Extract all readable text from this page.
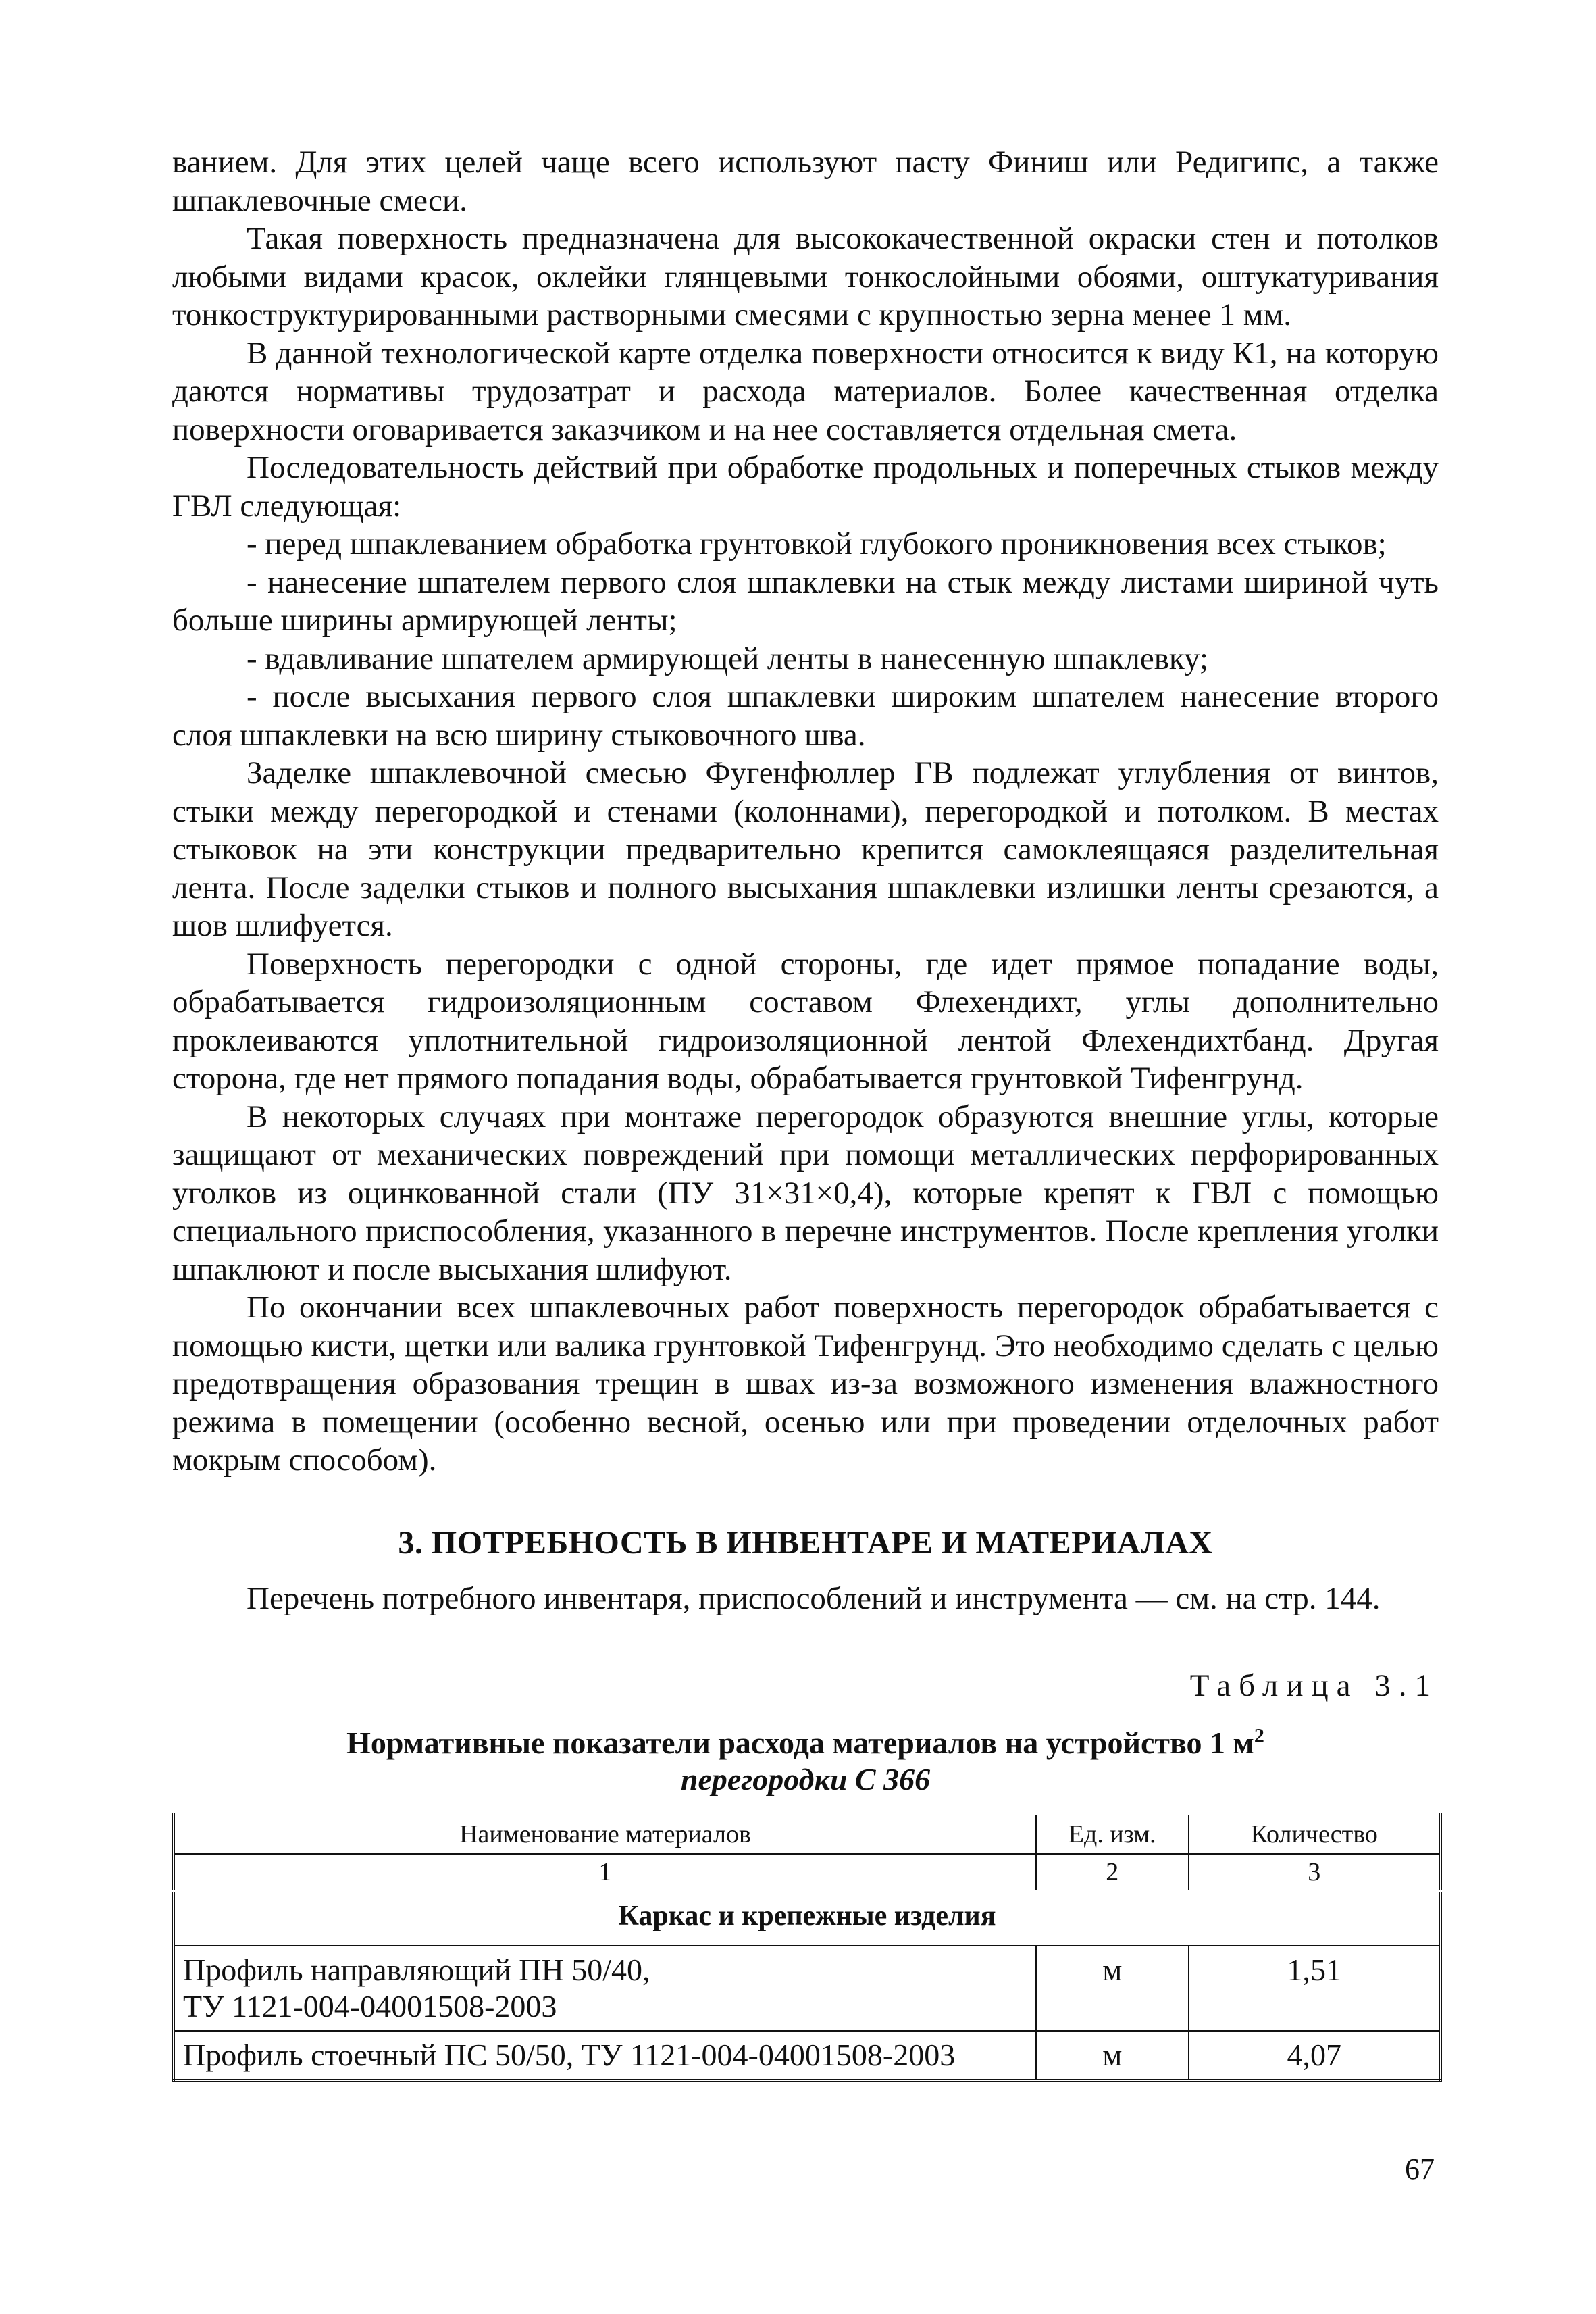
ванием. Для этих целей чаще всего используют пасту Финиш или Редигипс, а также шпаклевочные смеси.

Такая поверхность предназначена для высококачественной окраски стен и потолков любыми видами красок, оклейки глянцевыми тонкослойными обоями, оштукатуривания тонкоструктурированными растворными смесями с крупностью зерна менее 1 мм.

В данной технологической карте отделка поверхности относится к виду К1, на которую даются нормативы трудозатрат и расхода материалов. Более качественная отделка поверхности оговаривается заказчиком и на нее составляется отдельная смета.

Последовательность действий при обработке продольных и поперечных стыков между ГВЛ следующая:

- перед шпаклеванием обработка грунтовкой глубокого проникновения всех стыков;

- нанесение шпателем первого слоя шпаклевки на стык между листами шириной чуть больше ширины армирующей ленты;

- вдавливание шпателем армирующей ленты в нанесенную шпаклевку;

- после высыхания первого слоя шпаклевки широким шпателем нанесение второго слоя шпаклевки на всю ширину стыковочного шва.

Заделке шпаклевочной смесью Фугенфюллер ГВ подлежат углубления от винтов, стыки между перегородкой и стенами (колоннами), перегородкой и потолком. В местах стыковок на эти конструкции предварительно крепится самоклеящаяся разделительная лента. После заделки стыков и полного высыхания шпаклевки излишки ленты срезаются, а шов шлифуется.

Поверхность перегородки с одной стороны, где идет прямое попадание воды, обрабатывается гидроизоляционным составом Флехендихт, углы дополнительно проклеиваются уплотнительной гидроизоляционной лентой Флехендихтбанд. Другая сторона, где нет прямого попадания воды, обрабатывается грунтовкой Тифенгрунд.

В некоторых случаях при монтаже перегородок образуются внешние углы, которые защищают от механических повреждений при помощи металлических перфорированных уголков из оцинкованной стали (ПУ 31×31×0,4), которые крепят к ГВЛ с помощью специального приспособления, указанного в перечне инструментов. После крепления уголки шпаклюют и после высыхания шлифуют.

По окончании всех шпаклевочных работ поверхность перегородок обрабатывается с помощью кисти, щетки или валика грунтовкой Тифенгрунд. Это необходимо сделать с целью предотвращения образования трещин в швах из-за возможного изменения влажностного режима в помещении (особенно весной, осенью или при проведении отделочных работ мокрым способом).

3. ПОТРЕБНОСТЬ В ИНВЕНТАРЕ И МАТЕРИАЛАХ

Перечень потребного инвентаря, приспособлений и инструмента — см. на стр. 144.

Таблица 3.1
Нормативные показатели расхода материалов на устройство 1 $м^2$
перегородки С 366
Наименование материалов	Ед. изм.	Количество
1	2	3
Каркас и крепежные изделия		

Профиль направляющий ПН 50/40,
ТУ 1121-004-04001508-2003	м	1,51

Профиль стоечный ПС 50/50, ТУ 1121-004-04001508-2003	м	4,07
67
